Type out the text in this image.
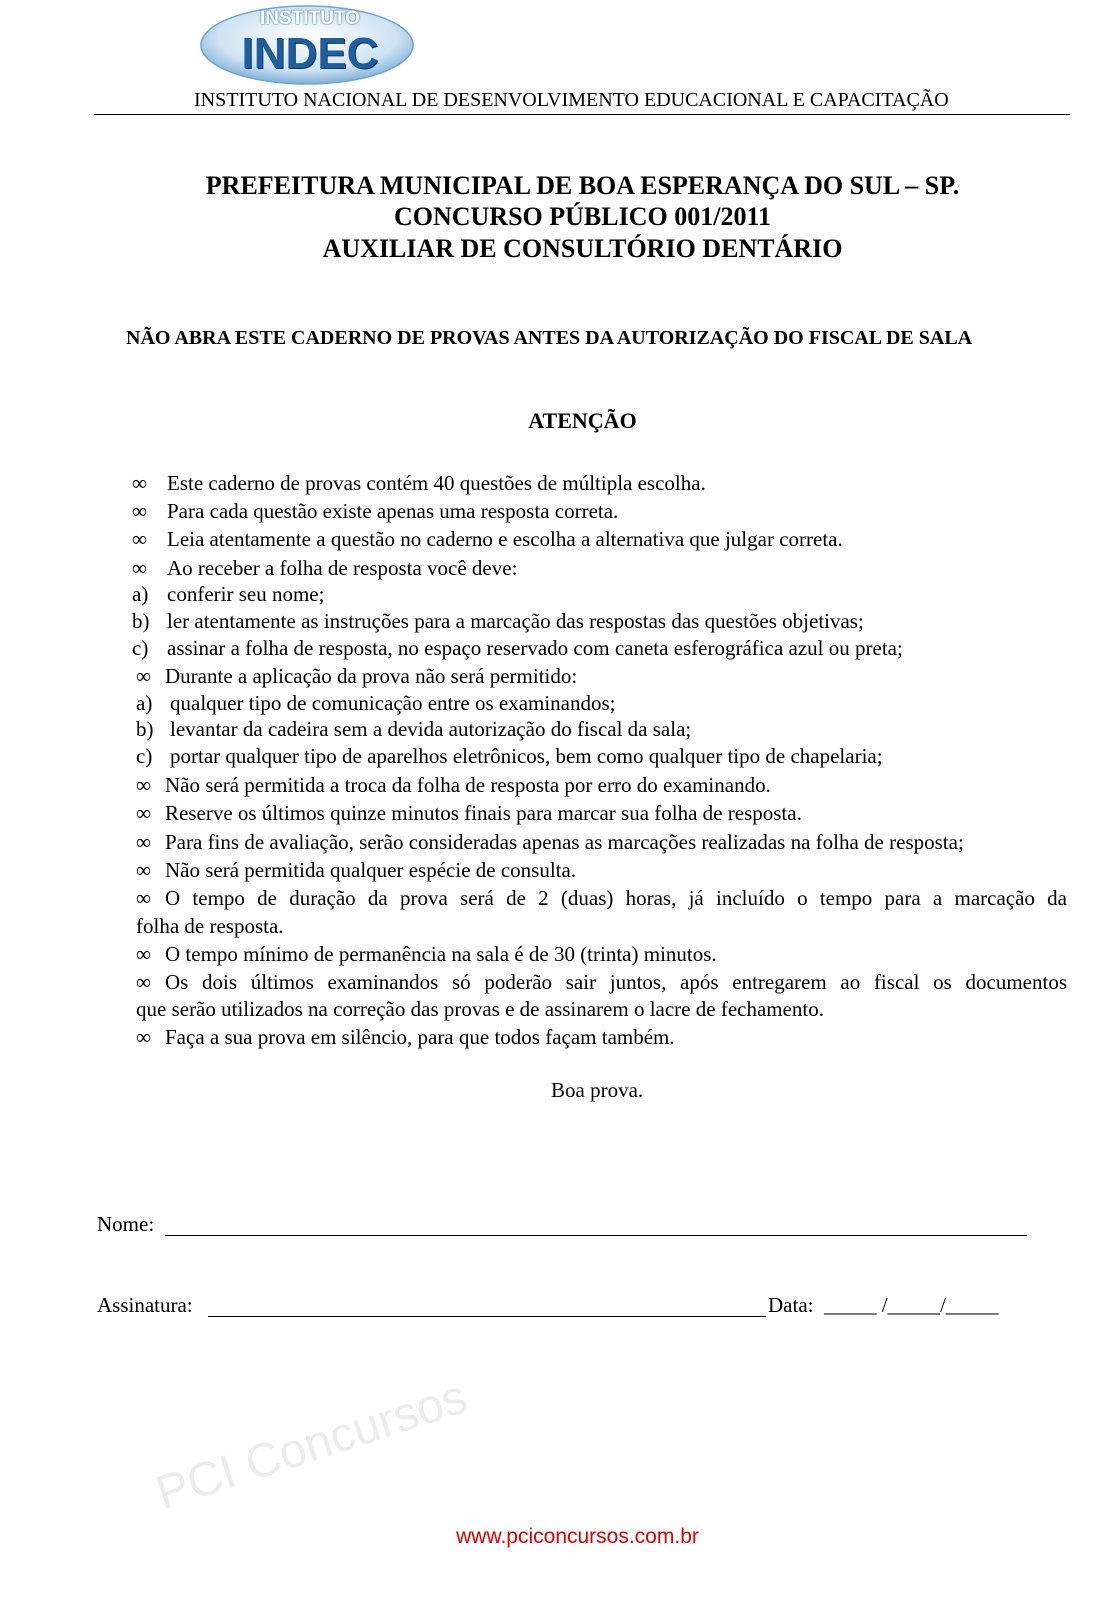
INSTITUTO
INDEC
INSTITUTO NACIONAL DE DESENVOLVIMENTO EDUCACIONAL E CAPACITAÇÃO
PREFEITURA MUNICIPAL DE BOA ESPERANÇA DO SUL – SP.
CONCURSO PÚBLICO 001/2011
AUXILIAR DE CONSULTÓRIO DENTÁRIO
NÃO ABRA ESTE CADERNO DE PROVAS ANTES DA AUTORIZAÇÃO DO FISCAL DE SALA
ATENÇÃO
∞ Este caderno de provas contém 40 questões de múltipla escolha.
∞ Para cada questão existe apenas uma resposta correta.
∞ Leia atentamente a questão no caderno e escolha a alternativa que julgar correta.
∞ Ao receber a folha de resposta você deve:
a) conferir seu nome;
b) ler atentamente as instruções para a marcação das respostas das questões objetivas;
c) assinar a folha de resposta, no espaço reservado com caneta esferográfica azul ou preta;
∞ Durante a aplicação da prova não será permitido:
a) qualquer tipo de comunicação entre os examinandos;
b) levantar da cadeira sem a devida autorização do fiscal da sala;
c) portar qualquer tipo de aparelhos eletrônicos, bem como qualquer tipo de chapelaria;
∞ Não será permitida a troca da folha de resposta por erro do examinando.
∞ Reserve os últimos quinze minutos finais para marcar sua folha de resposta.
∞ Para fins de avaliação, serão consideradas apenas as marcações realizadas na folha de resposta;
∞ Não será permitida qualquer espécie de consulta.
∞ O tempo de duração da prova será de 2 (duas) horas, já incluído o tempo para a marcação da
folha de resposta.
∞ O tempo mínimo de permanência na sala é de 30 (trinta) minutos.
∞ Os dois últimos examinandos só poderão sair juntos, após entregarem ao fiscal os documentos
que serão utilizados na correção das provas e de assinarem o lacre de fechamento.
∞ Faça a sua prova em silêncio, para que todos façam também.
Boa prova.
Nome:
Assinatura:	Data: _____ /_____/_____
PCI Concursos
www.pciconcursos.com.br
